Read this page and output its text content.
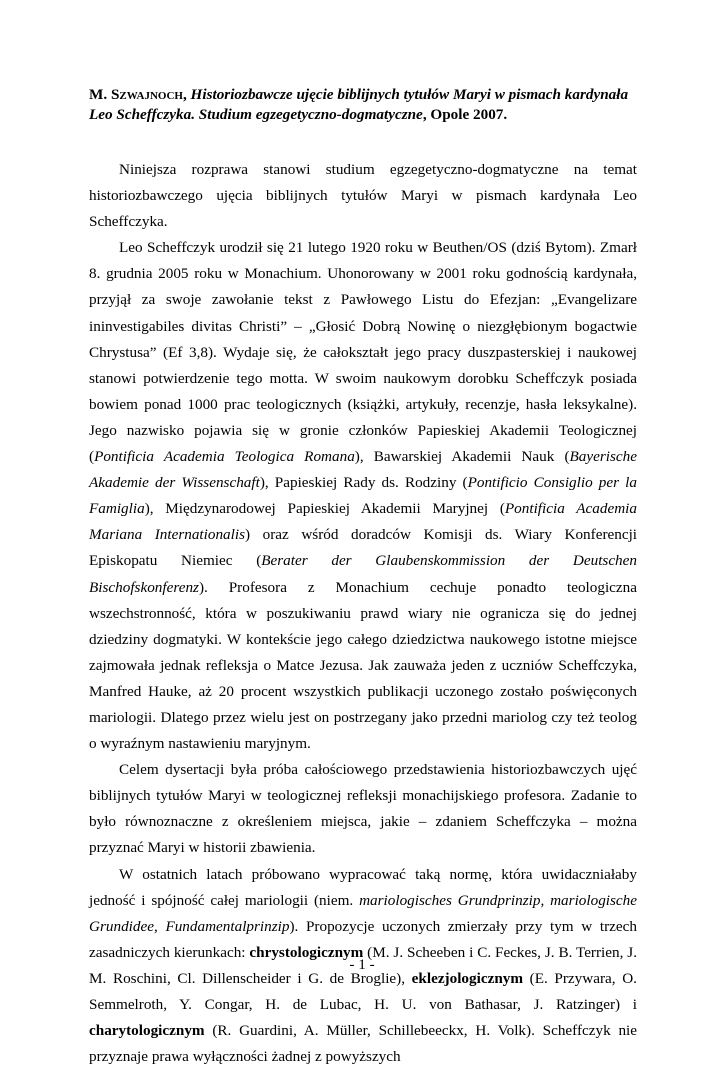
M. Szwajnoch, Historiozbawcze ujęcie biblijnych tytułów Maryi w pismach kardynała Leo Scheffczyka. Studium egzegetyczno-dogmatyczne, Opole 2007.

Niniejsza rozprawa stanowi studium egzegetyczno-dogmatyczne na temat historiozbawczego ujęcia biblijnych tytułów Maryi w pismach kardynała Leo Scheffczyka.

Leo Scheffczyk urodził się 21 lutego 1920 roku w Beuthen/OS (dziś Bytom). Zmarł 8. grudnia 2005 roku w Monachium. Uhonorowany w 2001 roku godnością kardynała, przyjął za swoje zawołanie tekst z Pawłowego Listu do Efezjan: „Evangelizare ininvestigabiles divitas Christi” – „Głosić Dobrą Nowinę o niezgłębionym bogactwie Chrystusa” (Ef 3,8). Wydaje się, że całokształt jego pracy duszpasterskiej i naukowej stanowi potwierdzenie tego motta. W swoim naukowym dorobku Scheffczyk posiada bowiem ponad 1000 prac teologicznych (książki, artykuły, recenzje, hasła leksykalne). Jego nazwisko pojawia się w gronie członków Papieskiej Akademii Teologicznej (Pontificia Academia Teologica Romana), Bawarskiej Akademii Nauk (Bayerische Akademie der Wissenschaft), Papieskiej Rady ds. Rodziny (Pontificio Consiglio per la Famiglia), Międzynarodowej Papieskiej Akademii Maryjnej (Pontificia Academia Mariana Internationalis) oraz wśród doradców Komisji ds. Wiary Konferencji Episkopatu Niemiec (Berater der Glaubenskommission der Deutschen Bischofskonferenz). Profesora z Monachium cechuje ponadto teologiczna wszechstronność, która w poszukiwaniu prawd wiary nie ogranicza się do jednej dziedziny dogmatyki. W kontekście jego całego dziedzictwa naukowego istotne miejsce zajmowała jednak refleksja o Matce Jezusa. Jak zauważa jeden z uczniów Scheffczyka, Manfred Hauke, aż 20 procent wszystkich publikacji uczonego zostało poświęconych mariologii. Dlatego przez wielu jest on postrzegany jako przedni mariolog czy też teolog o wyraźnym nastawieniu maryjnym.

Celem dysertacji była próba całościowego przedstawienia historiozbawczych ujęć biblijnych tytułów Maryi w teologicznej refleksji monachijskiego profesora. Zadanie to było równoznaczne z określeniem miejsca, jakie – zdaniem Scheffczyka – można przyznać Maryi w historii zbawienia.

W ostatnich latach próbowano wypracować taką normę, która uwidaczniałaby jedność i spójność całej mariologii (niem. mariologisches Grundprinzip, mariologische Grundidee, Fundamentalprinzip). Propozycje uczonych zmierzały przy tym w trzech zasadniczych kierunkach: chrystologicznym (M. J. Scheeben i C. Feckes, J. B. Terrien, J. M. Roschini, Cl. Dillenscheider i G. de Broglie), eklezjologicznym (E. Przywara, O. Semmelroth, Y. Congar, H. de Lubac, H. U. von Bathasar, J. Ratzinger) i charytologicznym (R. Guardini, A. Müller, Schillebeeckx, H. Volk). Scheffczyk nie przyznaje prawa wyłączności żadnej z powyższych

- 1 -
